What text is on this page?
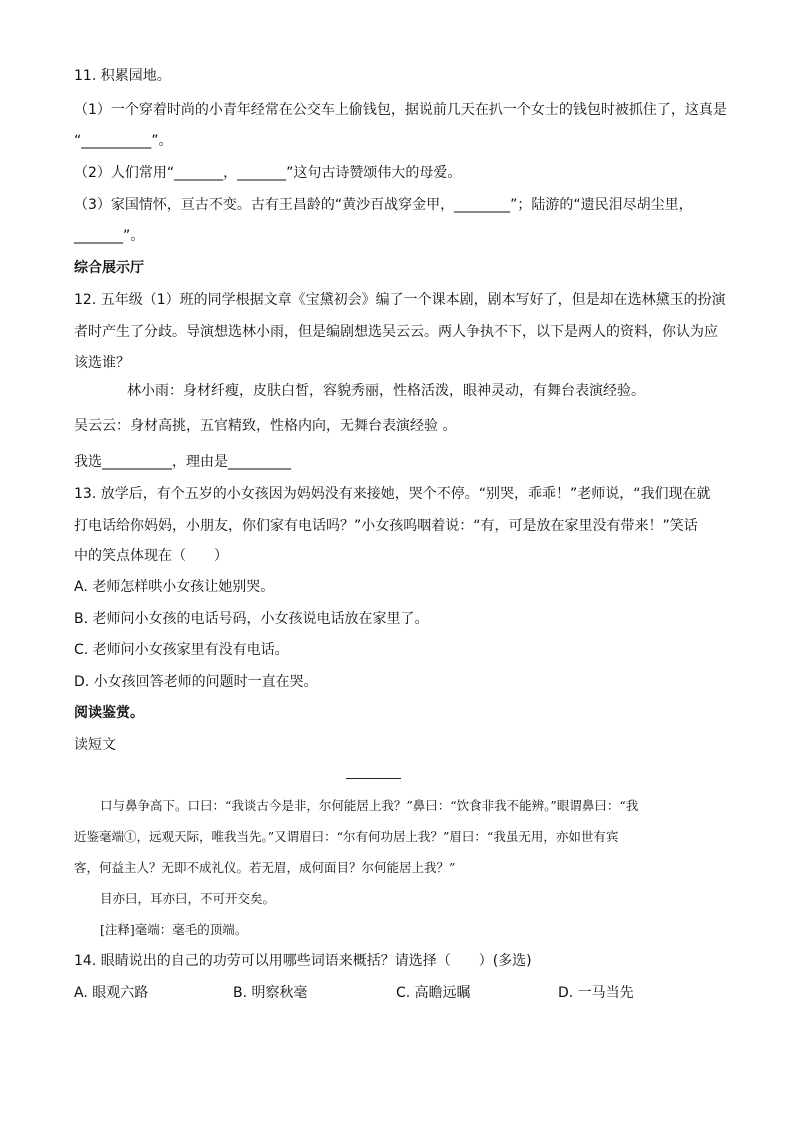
11. 积累园地。
（1）一个穿着时尚的小青年经常在公交车上偷钱包，据说前几天在扒一个女士的钱包时被抓住了，这真是
“__________”。
（2）人们常用“_______，_______”这句古诗赞颂伟大的母爱。
（3）家国情怀，亘古不变。古有王昌龄的“黄沙百战穿金甲，________”；陆游的“遗民泪尽胡尘里，
_______”。
综合展示厅
12. 五年级（1）班的同学根据文章《宝黛初会》编了一个课本剧，剧本写好了，但是却在选林黛玉的扮演
者时产生了分歧。导演想选林小雨，但是编剧想选吴云云。两人争执不下，以下是两人的资料，你认为应
该选谁？
林小雨：身材纤瘦，皮肤白皙，容貌秀丽，性格活泼，眼神灵动，有舞台表演经验。
吴云云：身材高挑，五官精致，性格内向，无舞台表演经验 。
我选__________，理由是_________
13. 放学后，有个五岁的小女孩因为妈妈没有来接她，哭个不停。“别哭，乖乖！”老师说，“我们现在就
打电话给你妈妈，小朋友，你们家有电话吗？”小女孩呜咽着说：“有，可是放在家里没有带来！”笑话
中的笑点体现在（　　）
A. 老师怎样哄小女孩让她别哭。
B. 老师问小女孩的电话号码，小女孩说电话放在家里了。
C. 老师问小女孩家里有没有电话。
D. 小女孩回答老师的问题时一直在哭。
阅读鉴赏。
读短文
口与鼻争高下。口曰：“我谈古今是非，尔何能居上我？”鼻曰：“饮食非我不能辨。”眼谓鼻曰：“我
近鉴毫端①，远观天际，唯我当先。”又谓眉曰：“尔有何功居上我？”眉曰：“我虽无用，亦如世有宾
客，何益主人？无即不成礼仪。若无眉，成何面目？尔何能居上我？”
目亦曰，耳亦曰，不可开交矣。
[注释]毫端：毫毛的顶端。
14. 眼睛说出的自己的功劳可以用哪些词语来概括？请选择（　　）(多选)
A. 眼观六路	B. 明察秋毫	C. 高瞻远瞩	D. 一马当先
